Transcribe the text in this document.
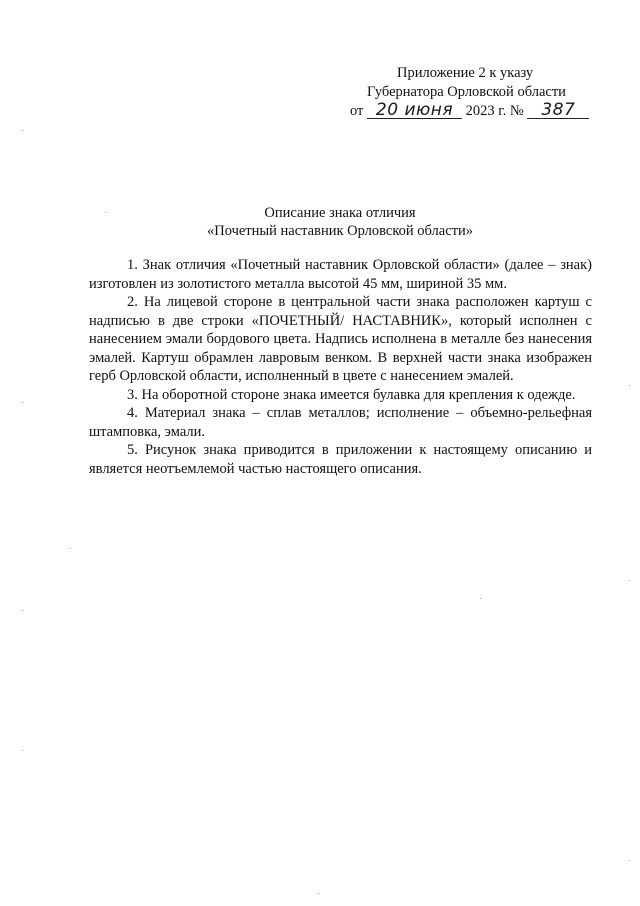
Приложение 2 к указу
Губернатора Орловской области
от 20 июня 2023 г. № 387
Описание знака отличия
«Почетный наставник Орловской области»

1. Знак отличия «Почетный наставник Орловской области» (далее – знак) изготовлен из золотистого металла высотой 45 мм, шириной 35 мм.

2. На лицевой стороне в центральной части знака расположен картуш с надписью в две строки «ПОЧЕТНЫЙ/ НАСТАВНИК», который исполнен с нанесением эмали бордового цвета. Надпись исполнена в металле без нанесения эмалей. Картуш обрамлен лавровым венком. В верхней части знака изображен герб Орловской области, исполненный в цвете с нанесением эмалей.

3. На оборотной стороне знака имеется булавка для крепления к одежде.

4. Материал знака – сплав металлов; исполнение – объемно-рельефная штамповка, эмали.

5. Рисунок знака приводится в приложении к настоящему описанию и является неотъемлемой частью настоящего описания.
